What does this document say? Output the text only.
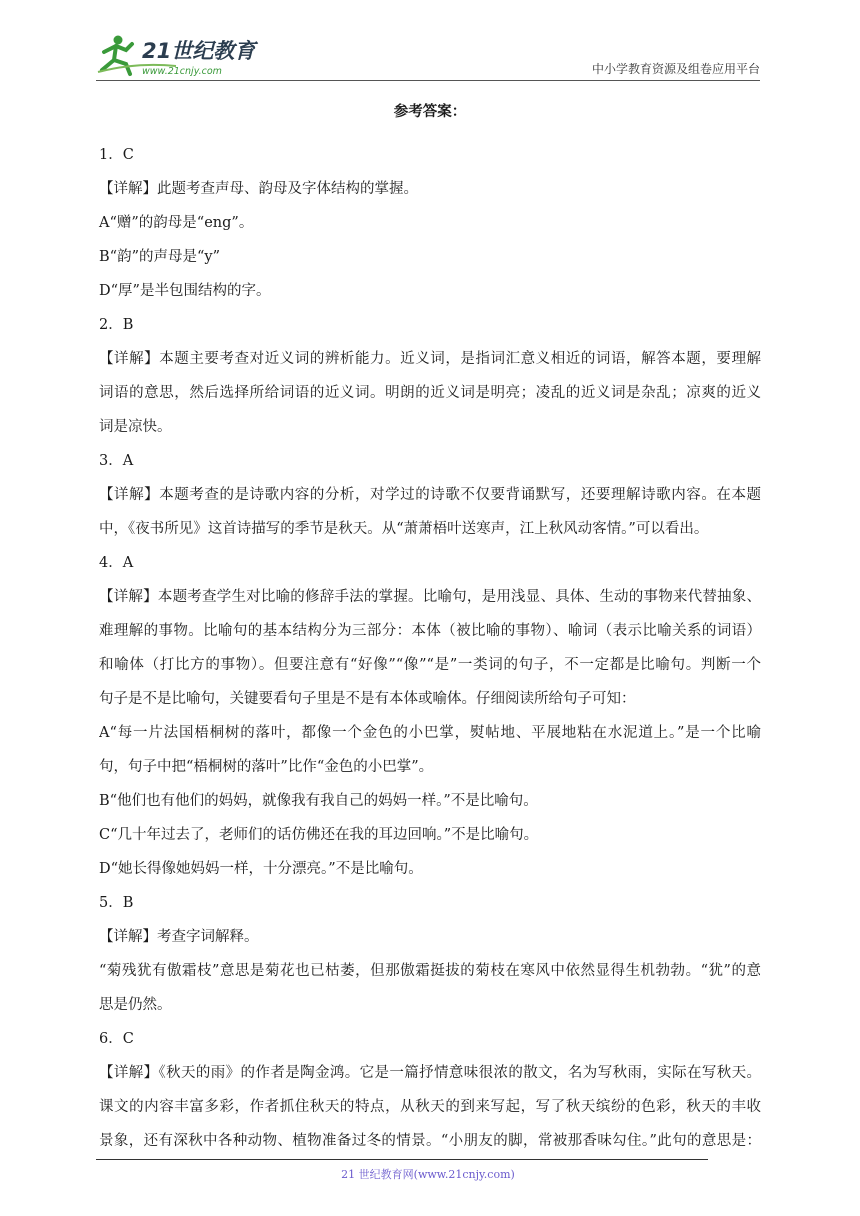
21世纪教育
www.21cnjy.com	中小学教育资源及组卷应用平台
参考答案：
1．C
【详解】此题考查声母、韵母及字体结构的掌握。
A“赠”的韵母是“eng”。
B“韵”的声母是“y”
D“厚”是半包围结构的字。
2．B
【详解】本题主要考查对近义词的辨析能力。近义词，是指词汇意义相近的词语，解答本题，要理解
词语的意思，然后选择所给词语的近义词。明朗的近义词是明亮；凌乱的近义词是杂乱；凉爽的近义
词是凉快。
3．A
【详解】本题考查的是诗歌内容的分析，对学过的诗歌不仅要背诵默写，还要理解诗歌内容。在本题
中，《夜书所见》这首诗描写的季节是秋天。从“萧萧梧叶送寒声，江上秋风动客情。”可以看出。
4．A
【详解】本题考查学生对比喻的修辞手法的掌握。比喻句，是用浅显、具体、生动的事物来代替抽象、
难理解的事物。比喻句的基本结构分为三部分：本体（被比喻的事物）、喻词（表示比喻关系的词语）
和喻体（打比方的事物）。但要注意有“好像”“像”“是”一类词的句子，不一定都是比喻句。判断一个
句子是不是比喻句，关键要看句子里是不是有本体或喻体。仔细阅读所给句子可知：
A“每一片法国梧桐树的落叶，都像一个金色的小巴掌，熨帖地、平展地粘在水泥道上。”是一个比喻
句，句子中把“梧桐树的落叶”比作“金色的小巴掌”。
B“他们也有他们的妈妈，就像我有我自己的妈妈一样。”不是比喻句。
C“几十年过去了，老师们的话仿佛还在我的耳边回响。”不是比喻句。
D“她长得像她妈妈一样，十分漂亮。”不是比喻句。
5．B
【详解】考查字词解释。
“菊残犹有傲霜枝”意思是菊花也已枯萎，但那傲霜挺拔的菊枝在寒风中依然显得生机勃勃。“犹”的意
思是仍然。
6．C
【详解】《秋天的雨》的作者是陶金鸿。它是一篇抒情意味很浓的散文，名为写秋雨，实际在写秋天。
课文的内容丰富多彩，作者抓住秋天的特点，从秋天的到来写起，写了秋天缤纷的色彩，秋天的丰收
景象，还有深秋中各种动物、植物准备过冬的情景。“小朋友的脚，常被那香味勾住。”此句的意思是：
21 世纪教育网(www.21cnjy.com)
